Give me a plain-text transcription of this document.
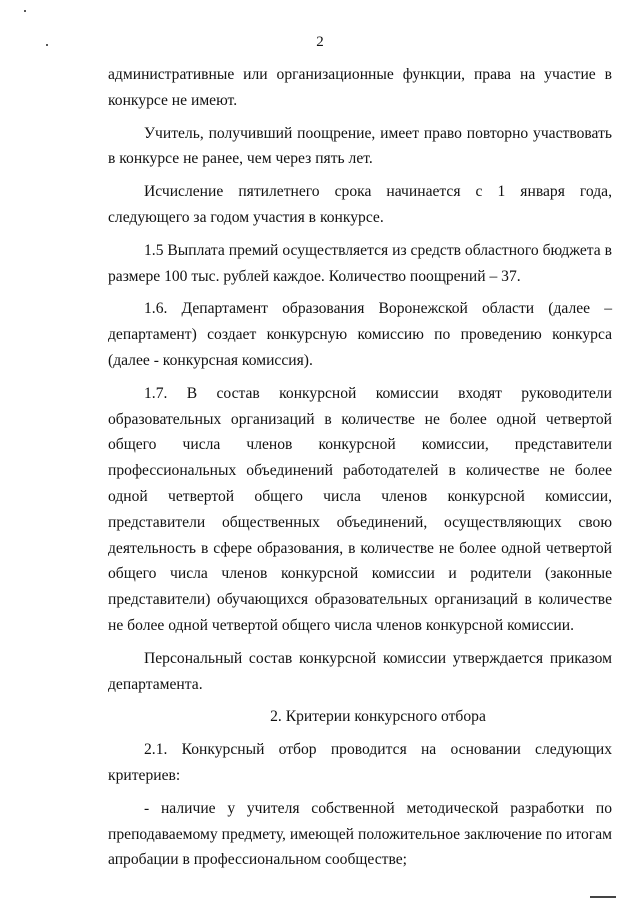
2

административные или организационные функции, права на участие в конкурсе не имеют.

Учитель, получивший поощрение, имеет право повторно участвовать в конкурсе не ранее, чем через пять лет.

Исчисление пятилетнего срока начинается с 1 января года, следующего за годом участия в конкурсе.

1.5 Выплата премий осуществляется из средств областного бюджета в размере 100 тыс. рублей каждое. Количество поощрений – 37.

1.6. Департамент образования Воронежской области (далее – департамент) создает конкурсную комиссию по проведению конкурса (далее - конкурсная комиссия).

1.7. В состав конкурсной комиссии входят руководители образовательных организаций в количестве не более одной четвертой общего числа членов конкурсной комиссии, представители профессиональных объединений работодателей в количестве не более одной четвертой общего числа членов конкурсной комиссии, представители общественных объединений, осуществляющих свою деятельность в сфере образования, в количестве не более одной четвертой общего числа членов конкурсной комиссии и родители (законные представители) обучающихся образовательных организаций в количестве не более одной четвертой общего числа членов конкурсной комиссии.

Персональный состав конкурсной комиссии утверждается приказом департамента.

2. Критерии конкурсного отбора

2.1. Конкурсный отбор проводится на основании следующих критериев:

- наличие у учителя собственной методической разработки по преподаваемому предмету, имеющей положительное заключение по итогам апробации в профессиональном сообществе;
